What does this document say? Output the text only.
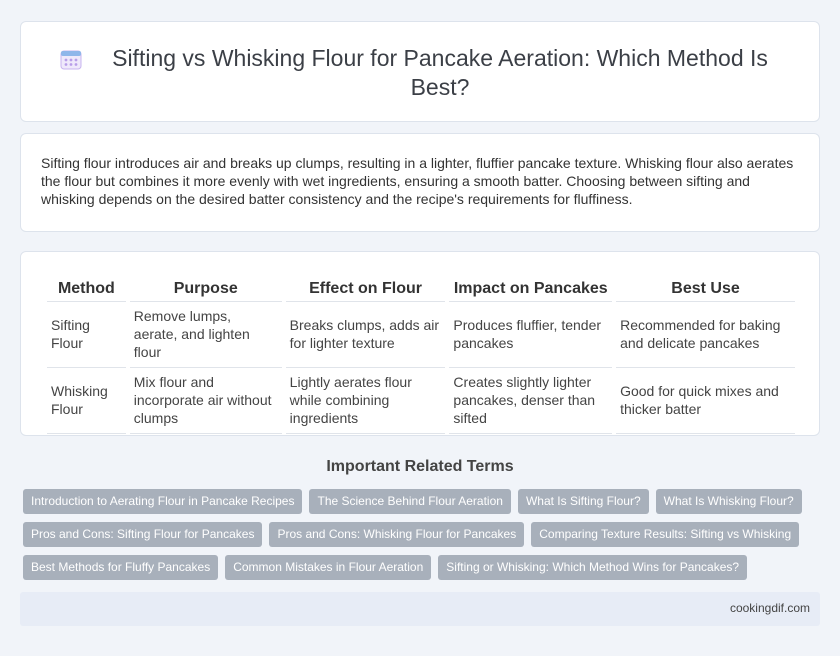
Sifting vs Whisking Flour for Pancake Aeration: Which Method Is Best?

Sifting flour introduces air and breaks up clumps, resulting in a lighter, fluffier pancake texture. Whisking flour also aerates the flour but combines it more evenly with wet ingredients, ensuring a smooth batter. Choosing between sifting and whisking depends on the desired batter consistency and the recipe's requirements for fluffiness.

Method	Purpose	Effect on Flour	Impact on Pancakes	Best Use
Sifting Flour	Remove lumps, aerate, and lighten flour	Breaks clumps, adds air for lighter texture	Produces fluffier, tender pancakes	Recommended for baking and delicate pancakes
Whisking Flour	Mix flour and incorporate air without clumps	Lightly aerates flour while combining ingredients	Creates slightly lighter pancakes, denser than sifted	Good for quick mixes and thicker batter
Important Related Terms
Introduction to Aerating Flour in Pancake Recipes	The Science Behind Flour Aeration	What Is Sifting Flour?	What Is Whisking Flour?
Pros and Cons: Sifting Flour for Pancakes	Pros and Cons: Whisking Flour for Pancakes	Comparing Texture Results: Sifting vs Whisking
Best Methods for Fluffy Pancakes	Common Mistakes in Flour Aeration	Sifting or Whisking: Which Method Wins for Pancakes?
cookingdif.com
